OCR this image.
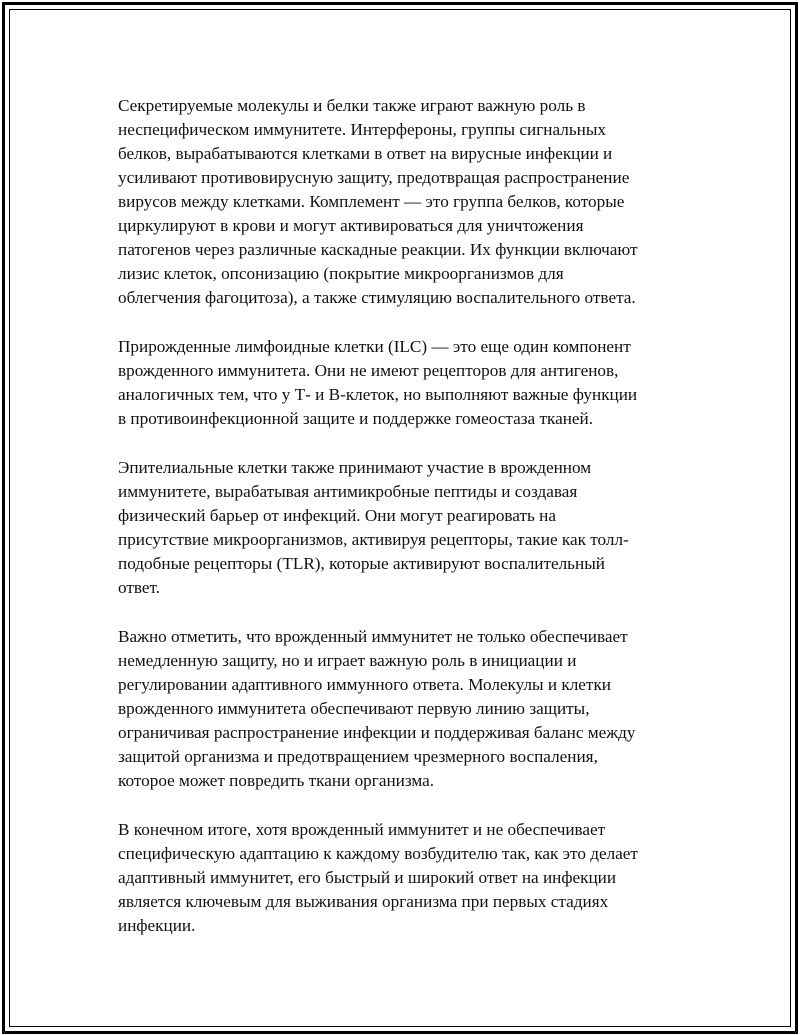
Секретируемые молекулы и белки также играют важную роль в
неспецифическом иммунитете. Интерфероны, группы сигнальных
белков, вырабатываются клетками в ответ на вирусные инфекции и
усиливают противовирусную защиту, предотвращая распространение
вирусов между клетками. Комплемент — это группа белков, которые
циркулируют в крови и могут активироваться для уничтожения
патогенов через различные каскадные реакции. Их функции включают
лизис клеток, опсонизацию (покрытие микроорганизмов для
облегчения фагоцитоза), а также стимуляцию воспалительного ответа.

Прирожденные лимфоидные клетки (ILC) — это еще один компонент
врожденного иммунитета. Они не имеют рецепторов для антигенов,
аналогичных тем, что у Т- и В-клеток, но выполняют важные функции
в противоинфекционной защите и поддержке гомеостаза тканей.

Эпителиальные клетки также принимают участие в врожденном
иммунитете, вырабатывая антимикробные пептиды и создавая
физический барьер от инфекций. Они могут реагировать на
присутствие микроорганизмов, активируя рецепторы, такие как толл-
подобные рецепторы (TLR), которые активируют воспалительный
ответ.

Важно отметить, что врожденный иммунитет не только обеспечивает
немедленную защиту, но и играет важную роль в инициации и
регулировании адаптивного иммунного ответа. Молекулы и клетки
врожденного иммунитета обеспечивают первую линию защиты,
ограничивая распространение инфекции и поддерживая баланс между
защитой организма и предотвращением чрезмерного воспаления,
которое может повредить ткани организма.

В конечном итоге, хотя врожденный иммунитет и не обеспечивает
специфическую адаптацию к каждому возбудителю так, как это делает
адаптивный иммунитет, его быстрый и широкий ответ на инфекции
является ключевым для выживания организма при первых стадиях
инфекции.
